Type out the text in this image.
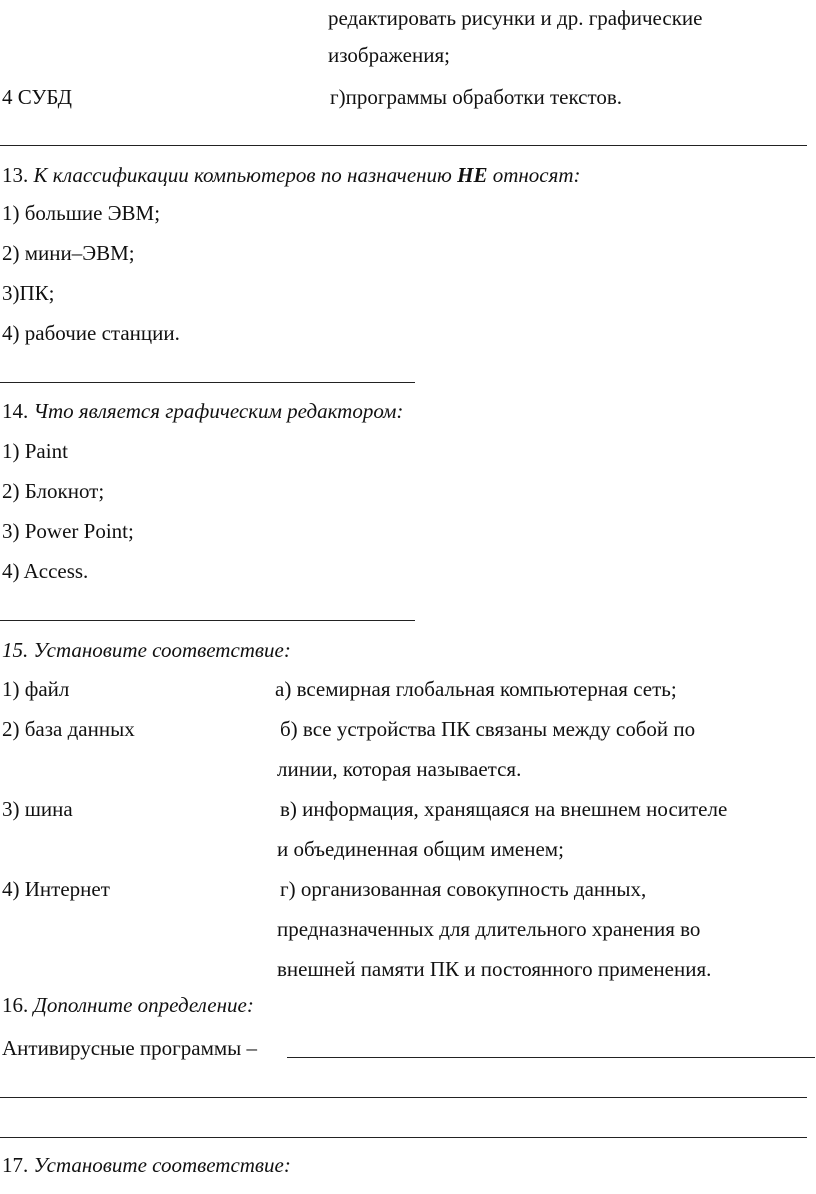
редактировать рисунки и др. графические
изображения;
4 СУБД	г)программы обработки текстов.
13. К классификации компьютеров по назначению НЕ относят:
1) большие ЭВМ;
2) мини–ЭВМ;
3)ПК;
4) рабочие станции.
14. Что является графическим редактором:
1) Paint
2) Блокнот;
3) Power Point;
4) Access.
15. Установите соответствие:
1) файл	а) всемирная глобальная компьютерная сеть;
2) база данных	б) все устройства ПК связаны между собой по
линии, которая называется.
3) шина	в) информация, хранящаяся на внешнем носителе
и объединенная общим именем;
4) Интернет	г) организованная совокупность данных,
предназначенных для длительного хранения во
внешней памяти ПК и постоянного применения.
16. Дополните определение:
Антивирусные программы –
17. Установите соответствие:
